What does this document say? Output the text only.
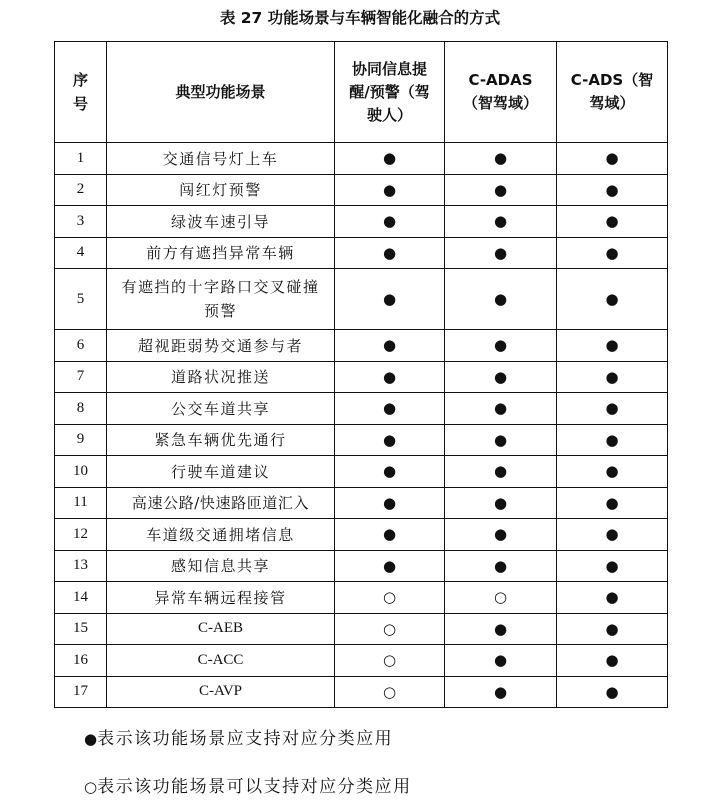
表 27 功能场景与车辆智能化融合的方式
序号	典型功能场景	协同信息提醒/预警（驾驶人）	C-ADAS（智驾域）	C-ADS（智驾域）

1	交通信号灯上车	●	●	●
2	闯红灯预警	●	●	●
3	绿波车速引导	●	●	●
4	前方有遮挡异常车辆	●	●	●
5	有遮挡的十字路口交叉碰撞预警	●	●	●
6	超视距弱势交通参与者	●	●	●
7	道路状况推送	●	●	●
8	公交车道共享	●	●	●
9	紧急车辆优先通行	●	●	●
10	行驶车道建议	●	●	●
11	高速公路/快速路匝道汇入	●	●	●
12	车道级交通拥堵信息	●	●	●
13	感知信息共享	●	●	●
14	异常车辆远程接管	○	○	●
15	C-AEB	○	●	●
16	C-ACC	○	●	●
17	C-AVP	○	●	●
●表示该功能场景应支持对应分类应用
○表示该功能场景可以支持对应分类应用
